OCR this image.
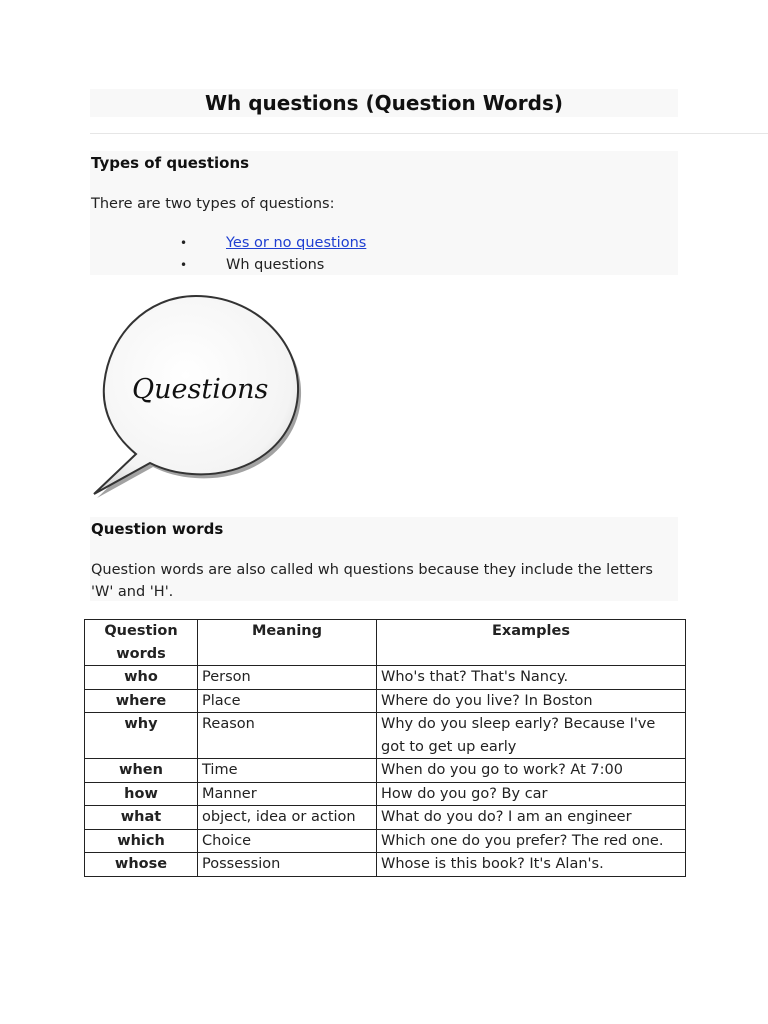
Wh questions (Question Words)
Types of questions

There are two types of questions:

•	Yes or no questions
•	Wh questions
Questions
Question words

Question words are also called wh questions because they include the letters 'W' and 'H'.

Question words	Meaning	Examples
who	Person	Who's that? That's Nancy.
where	Place	Where do you live? In Boston
why	Reason	Why do you sleep early? Because I've got to get up early
when	Time	When do you go to work? At 7:00
how	Manner	How do you go? By car
what	object, idea or action	What do you do? I am an engineer
which	Choice	Which one do you prefer? The red one.
whose	Possession	Whose is this book? It's Alan's.
